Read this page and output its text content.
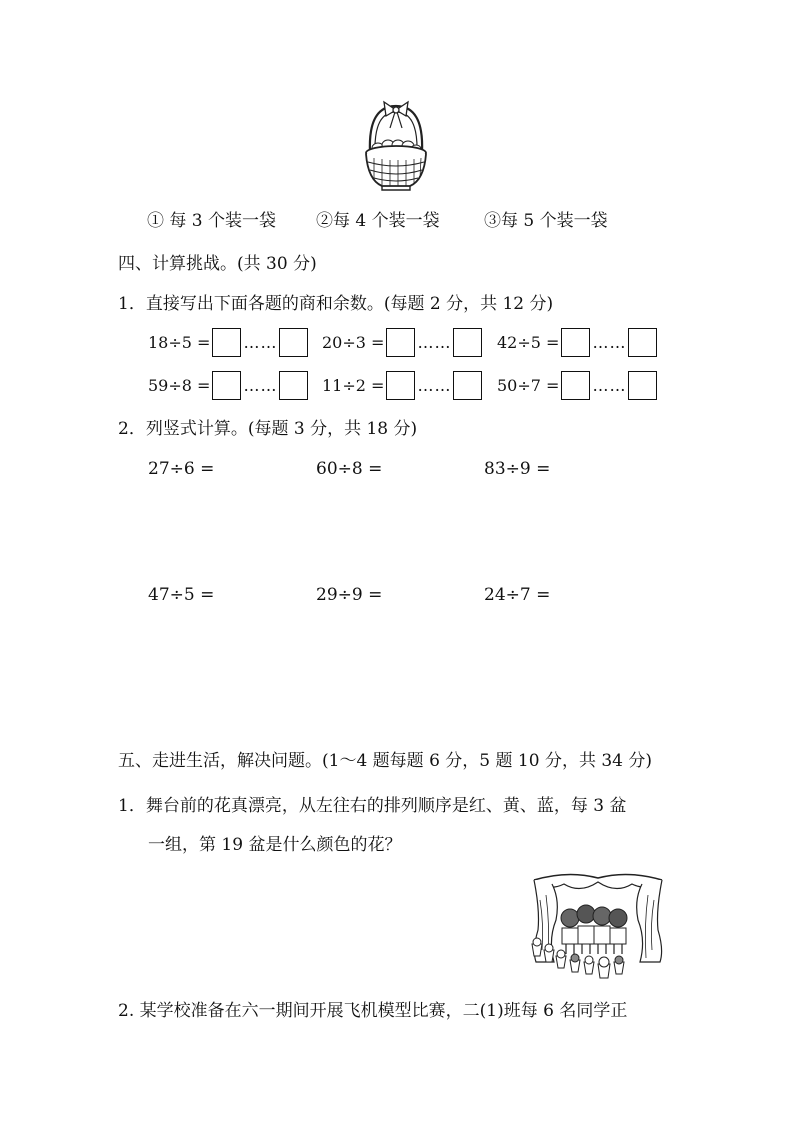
① 每 3 个装一袋 ②每 4 个装一袋	③每 5 个装一袋
四、计算挑战。(共 30 分)
1．直接写出下面各题的商和余数。(每题 2 分，共 12 分)
18÷5 = ……	20÷3 = ……	42÷5 = ……
59÷8 = ……	11÷2 = ……	50÷7 = ……
2．列竖式计算。(每题 3 分，共 18 分)
27÷6 =	60÷8 =	83÷9 =
47÷5 =	29÷9 =	24÷7 =
五、走进生活，解决问题。(1～4 题每题 6 分，5 题 10 分，共 34 分)
1．舞台前的花真漂亮，从左往右的排列顺序是红、黄、蓝，每 3 盆
一组，第 19 盆是什么颜色的花？
2. 某学校准备在六一期间开展飞机模型比赛，二(1)班每 6 名同学正
